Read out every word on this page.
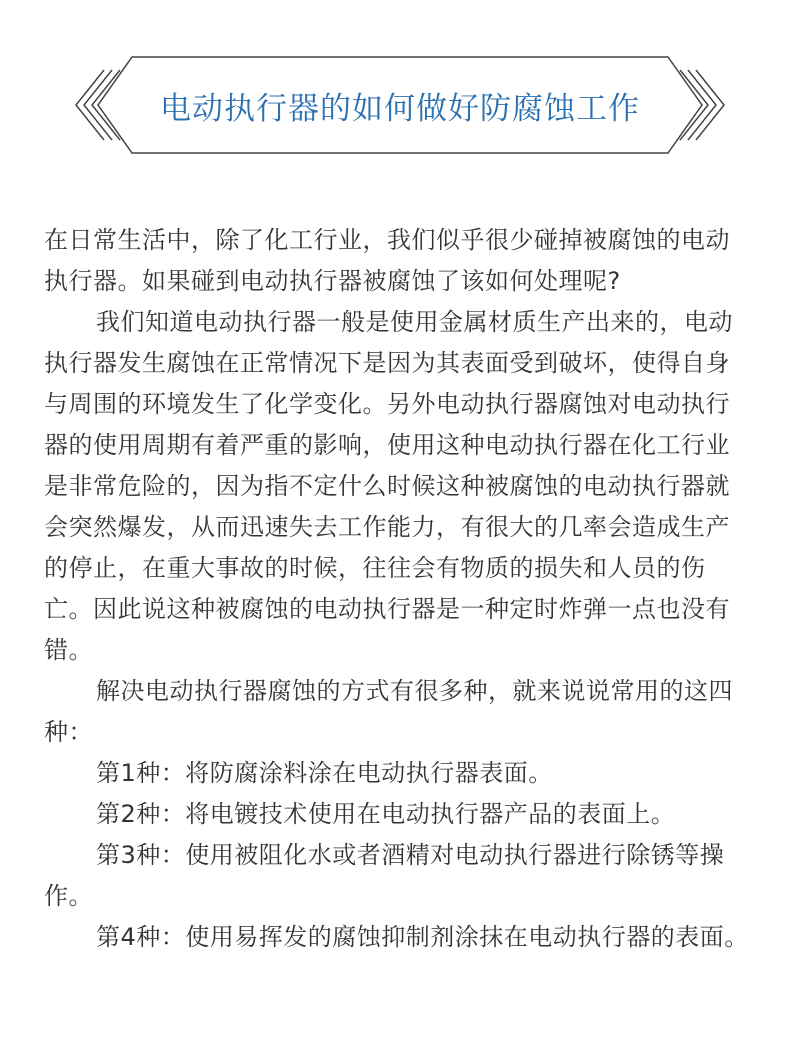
电动执行器的如何做好防腐蚀工作

在日常生活中，除了化工行业，我们似乎很少碰掉被腐蚀的电动执行器。如果碰到电动执行器被腐蚀了该如何处理呢?

我们知道电动执行器一般是使用金属材质生产出来的，电动执行器发生腐蚀在正常情况下是因为其表面受到破坏，使得自身与周围的环境发生了化学变化。另外电动执行器腐蚀对电动执行器的使用周期有着严重的影响，使用这种电动执行器在化工行业是非常危险的，因为指不定什么时候这种被腐蚀的电动执行器就会突然爆发，从而迅速失去工作能力，有很大的几率会造成生产的停止，在重大事故的时候，往往会有物质的损失和人员的伤亡。因此说这种被腐蚀的电动执行器是一种定时炸弹一点也没有错。

解决电动执行器腐蚀的方式有很多种，就来说说常用的这四种：

第1种：将防腐涂料涂在电动执行器表面。

第2种：将电镀技术使用在电动执行器产品的表面上。

第3种：使用被阻化水或者酒精对电动执行器进行除锈等操作。

第4种：使用易挥发的腐蚀抑制剂涂抹在电动执行器的表面。
